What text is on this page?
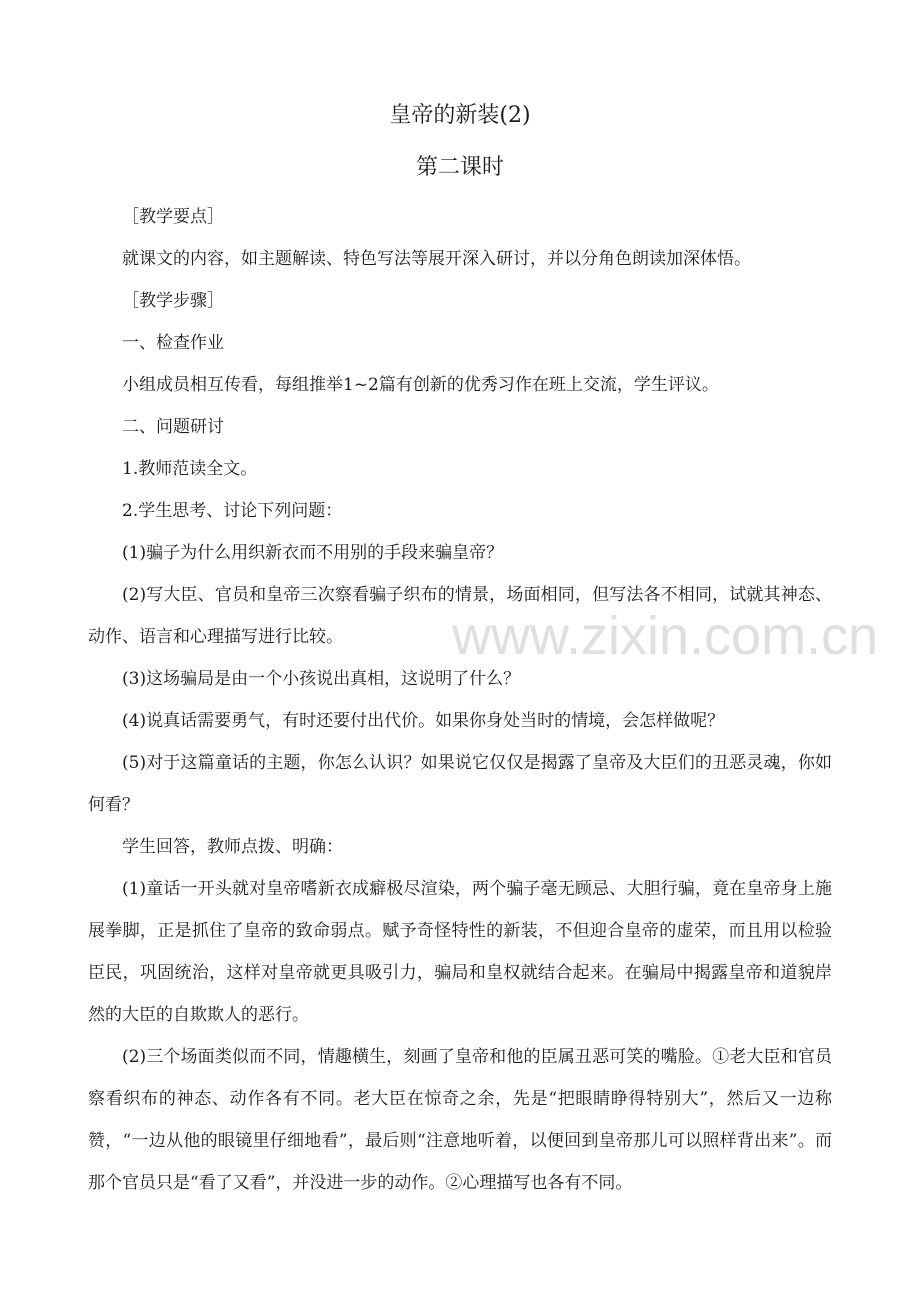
皇帝的新装(2)
第二课时

［教学要点］

就课文的内容，如主题解读、特色写法等展开深入研讨，并以分角色朗读加深体悟。

［教学步骤］

一、检查作业

小组成员相互传看，每组推举1~2篇有创新的优秀习作在班上交流，学生评议。

二、问题研讨

1.教师范读全文。

2.学生思考、讨论下列问题：

(1)骗子为什么用织新衣而不用别的手段来骗皇帝？

(2)写大臣、官员和皇帝三次察看骗子织布的情景，场面相同，但写法各不相同，试就其神态、动作、语言和心理描写进行比较。

(3)这场骗局是由一个小孩说出真相，这说明了什么？

(4)说真话需要勇气，有时还要付出代价。如果你身处当时的情境，会怎样做呢？

(5)对于这篇童话的主题，你怎么认识？如果说它仅仅是揭露了皇帝及大臣们的丑恶灵魂，你如何看？

学生回答，教师点拨、明确：

(1)童话一开头就对皇帝嗜新衣成癖极尽渲染，两个骗子毫无顾忌、大胆行骗，竟在皇帝身上施展拳脚，正是抓住了皇帝的致命弱点。赋予奇怪特性的新装，不但迎合皇帝的虚荣，而且用以检验臣民，巩固统治，这样对皇帝就更具吸引力，骗局和皇权就结合起来。在骗局中揭露皇帝和道貌岸然的大臣的自欺欺人的恶行。

(2)三个场面类似而不同，情趣横生，刻画了皇帝和他的臣属丑恶可笑的嘴脸。①老大臣和官员察看织布的神态、动作各有不同。老大臣在惊奇之余，先是“把眼睛睁得特别大”，然后又一边称赞，“一边从他的眼镜里仔细地看”，最后则“注意地听着，以便回到皇帝那儿可以照样背出来”。而那个官员只是“看了又看”，并没进一步的动作。②心理描写也各有不同。

www.zixin.com.cn
